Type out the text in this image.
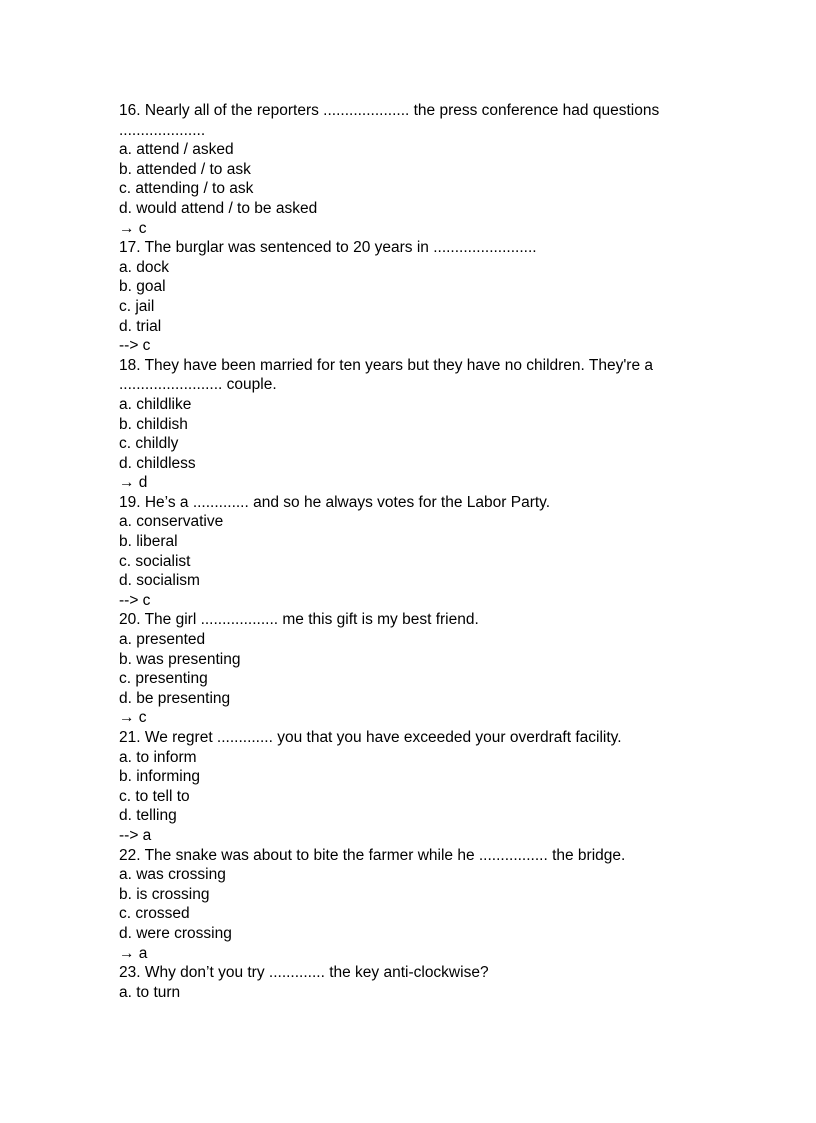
16. Nearly all of the reporters .................... the press conference had questions
....................
a. attend / asked
b. attended / to ask
c. attending / to ask
d. would attend / to be asked
→ c
17. The burglar was sentenced to 20 years in ........................
a. dock
b. goal
c. jail
d. trial
--> c
18. They have been married for ten years but they have no children. They're a
........................ couple.
a. childlike
b. childish
c. childly
d. childless
→ d
19. He’s a ............. and so he always votes for the Labor Party.
a. conservative
b. liberal
c. socialist
d. socialism
--> c
20. The girl .................. me this gift is my best friend.
a. presented
b. was presenting
c. presenting
d. be presenting
→ c
21. We regret ............. you that you have exceeded your overdraft facility.
a. to inform
b. informing
c. to tell to
d. telling
--> a
22. The snake was about to bite the farmer while he ................ the bridge.
a. was crossing
b. is crossing
c. crossed
d. were crossing
→ a
23. Why don’t you try ............. the key anti-clockwise?
a. to turn
